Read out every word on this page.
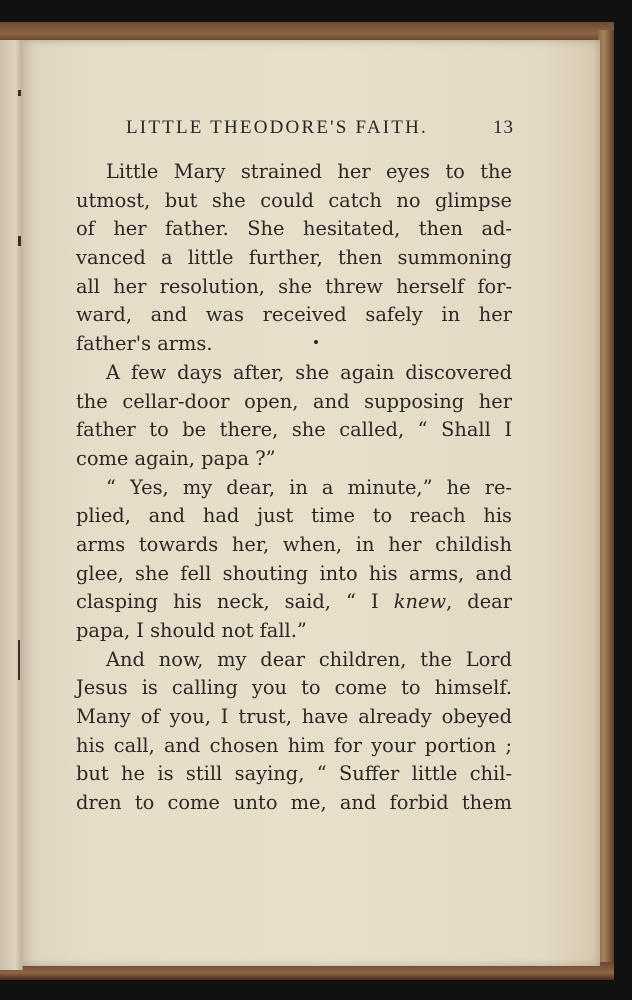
LITTLE THEODORE'S FAITH.	13
Little Mary strained her eyes to the
utmost, but she could catch no glimpse
of her father. She hesitated, then ad-
vanced a little further, then summoning
all her resolution, she threw herself for-
ward, and was received safely in her
father's arms.
A few days after, she again discovered
the cellar-door open, and supposing her
father to be there, she called, “ Shall I
come again, papa ?”
“ Yes, my dear, in a minute,” he re-
plied, and had just time to reach his
arms towards her, when, in her childish
glee, she fell shouting into his arms, and
clasping his neck, said, “ I knew, dear
papa, I should not fall.”
And now, my dear children, the Lord
Jesus is calling you to come to himself.
Many of you, I trust, have already obeyed
his call, and chosen him for your portion ;
but he is still saying, “ Suffer little chil-
dren to come unto me, and forbid them
